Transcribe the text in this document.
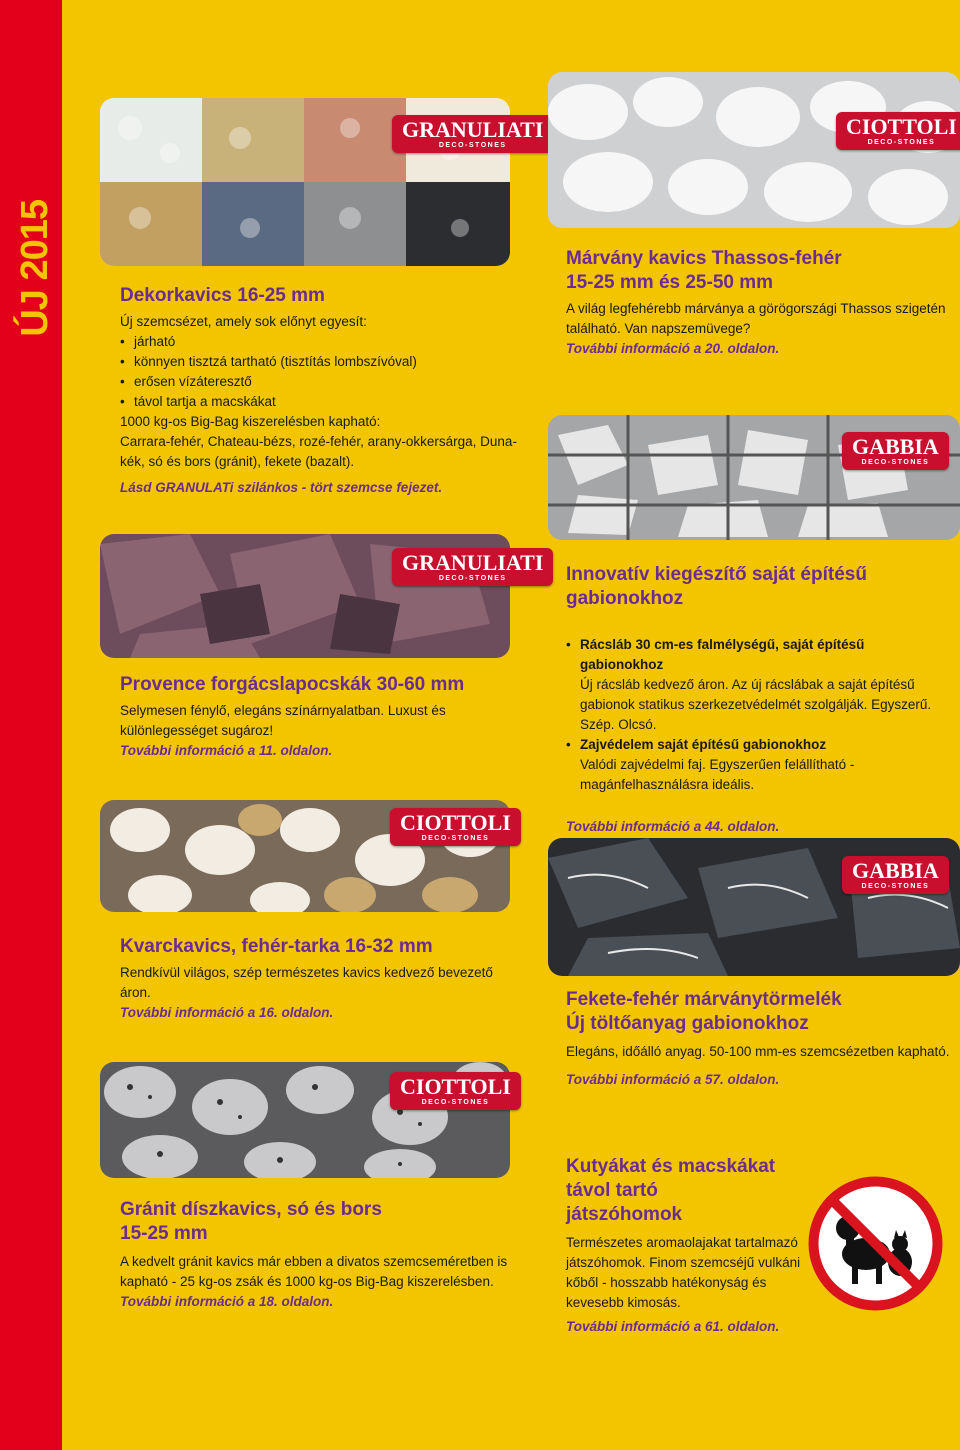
ÚJ 2015
GRANULIATI
DECO-STONES
CIOTTOLI
DECO-STONES

Dekorkavics 16-25 mm

Új szemcsézet, amely sok előnyt egyesít:

• járható
• könnyen tisztzá tartható (tisztítás lombszívóval)
• erősen vízáteresztő
• távol tartja a macskákat

1000 kg-os Big-Bag kiszerelésben kapható:

Carrara-fehér, Chateau-bézs, rozé-fehér, arany-okkersárga, Duna-kék, só és bors (gránit), fekete (bazalt).

Lásd GRANULATi szilánkos - tört szemcse fejezet.

Márvány kavics Thassos-fehér

15-25 mm és 25-50 mm

A világ legfehérebb márványa a görögországi Thassos szigetén található. Van napszemüvege?

További információ a 20. oldalon.

GABBIA
DECO-STONES
GRANULIATI
DECO-STONES	Innovatív kiegészítő saját építésű gabionokhoz

• Rácsláb 30 cm-es falmélységű, saját építésű gabionokhoz
Új rácsláb kedvező áron. Az új rácslábak a saját építésű gabionok statikus szerkezetvédelmét szolgálják. Egyszerű. Szép. Olcsó.
• Zajvédelem saját építésű gabionokhoz
Valódi zajvédelmi faj. Egyszerűen felállítható - magánfelhasználásra ideális.

További információ a 44. oldalon.

Provence forgácslapocskák 30-60 mm

Selymesen fénylő, elegáns színárnyalatban. Luxust és különlegességet sugároz!

További információ a 11. oldalon.

CIOTTOLI
DECO-STONES
GABBIA
DECO-STONES

Kvarckavics, fehér-tarka 16-32 mm

Rendkívül világos, szép természetes kavics kedvező bevezető áron.

További információ a 16. oldalon.

Fekete-fehér márványtörmelék

Új töltőanyag gabionokhoz

Elegáns, időálló anyag. 50-100 mm-es szemcsézetben kapható.

További információ a 57. oldalon.

CIOTTOLI
DECO-STONES

Kutyákat és macskákat távol tartó

játszóhomok

Természetes aromaolajakat tartalmazó játszóhomok. Finom szemcséjű vulkáni kőből - hosszabb hatékonyság és kevesebb kimosás.

További információ a 61. oldalon.

Gránit díszkavics, só és bors

15-25 mm

A kedvelt gránit kavics már ebben a divatos szemcseméretben is kapható - 25 kg-os zsák és 1000 kg-os Big-Bag kiszerelésben.

További információ a 18. oldalon.
